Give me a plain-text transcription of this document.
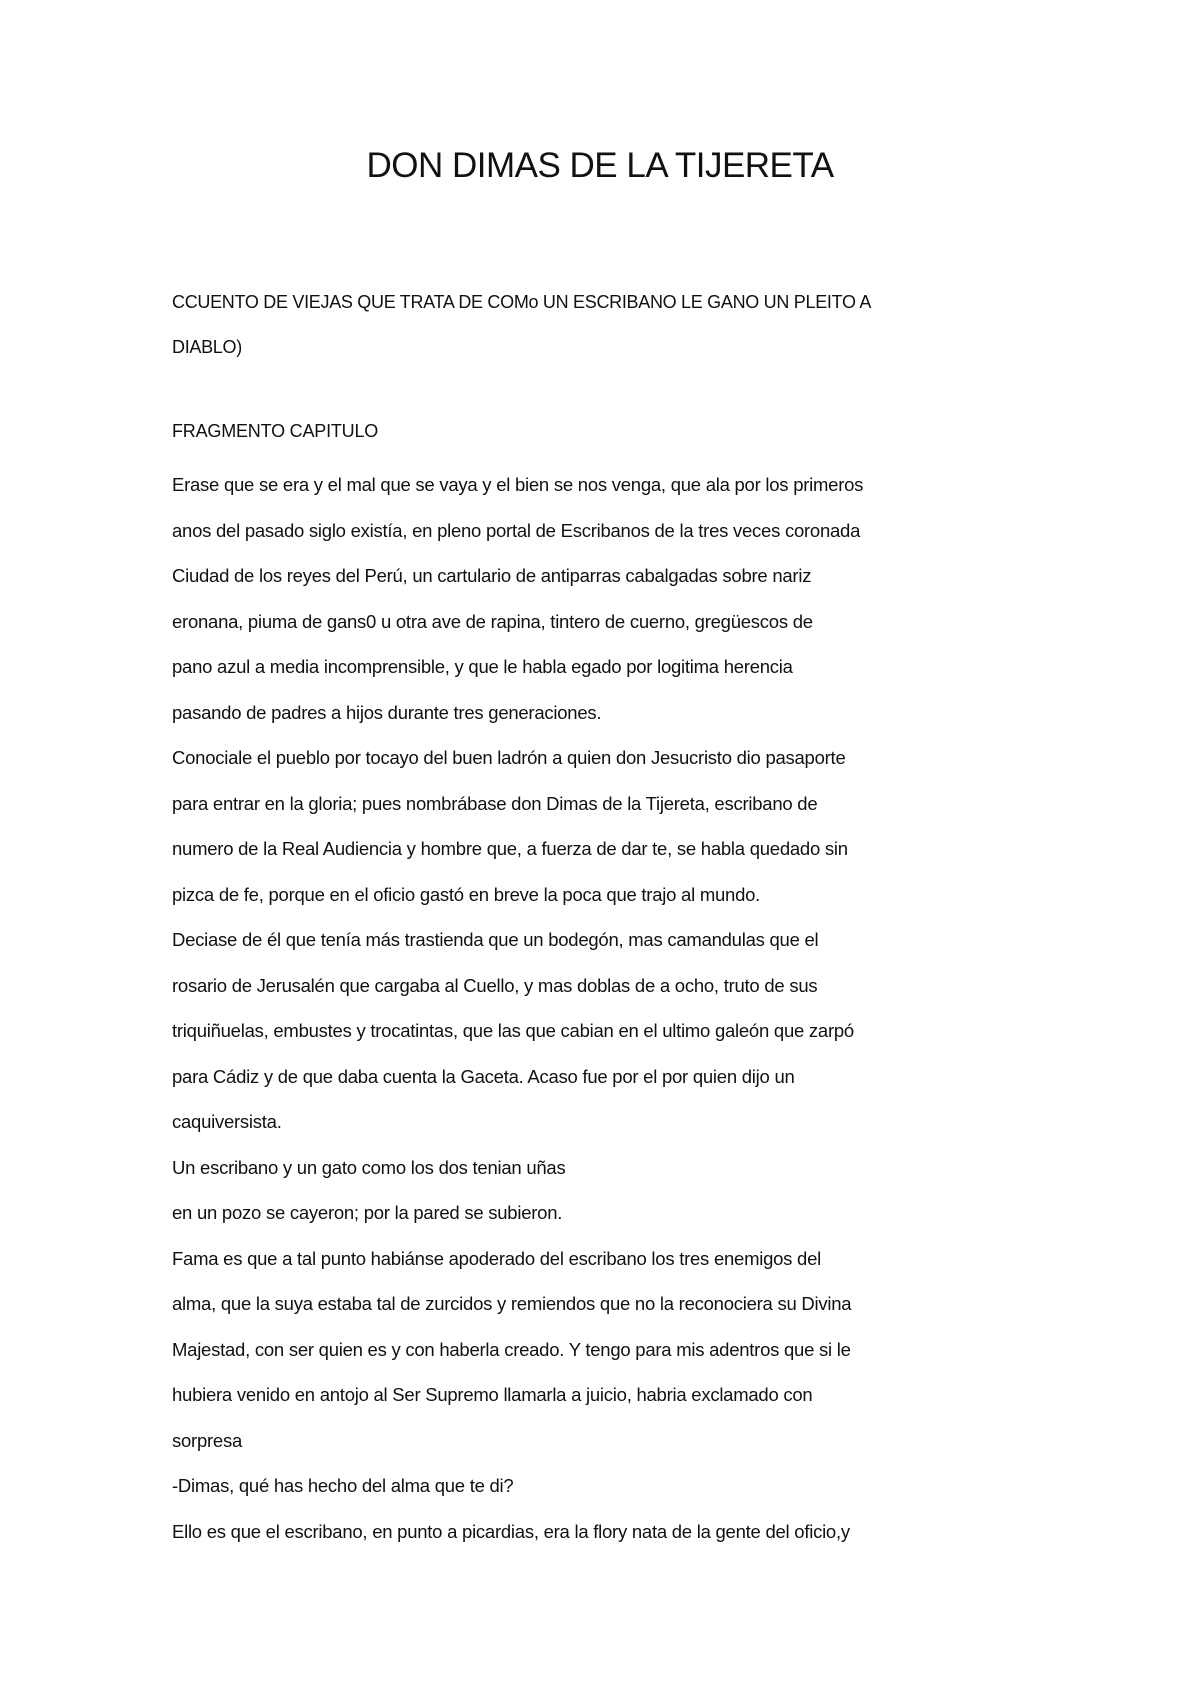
DON DIMAS DE LA TIJERETA

CCUENTO DE VIEJAS QUE TRATA DE COMo UN ESCRIBANO LE GANO UN PLEITO A

DIABLO)

FRAGMENTO CAPITULO

Erase que se era y el mal que se vaya y el bien se nos venga, que ala por los primeros

anos del pasado siglo existía, en pleno portal de Escribanos de la tres veces coronada

Ciudad de los reyes del Perú, un cartulario de antiparras cabalgadas sobre nariz

eronana, piuma de gans0 u otra ave de rapina, tintero de cuerno, gregüescos de

pano azul a media incomprensible, y que le habla egado por logitima herencia

pasando de padres a hijos durante tres generaciones.

Conociale el pueblo por tocayo del buen ladrón a quien don Jesucristo dio pasaporte

para entrar en la gloria; pues nombrábase don Dimas de la Tijereta, escribano de

numero de la Real Audiencia y hombre que, a fuerza de dar te, se habla quedado sin

pizca de fe, porque en el oficio gastó en breve la poca que trajo al mundo.

Deciase de él que tenía más trastienda que un bodegón, mas camandulas que el

rosario de Jerusalén que cargaba al Cuello, y mas doblas de a ocho, truto de sus

triquiñuelas, embustes y trocatintas, que las que cabian en el ultimo galeón que zarpó

para Cádiz y de que daba cuenta la Gaceta. Acaso fue por el por quien dijo un

caquiversista.

Un escribano y un gato como los dos tenian uñas

en un pozo se cayeron; por la pared se subieron.

Fama es que a tal punto habiánse apoderado del escribano los tres enemigos del

alma, que la suya estaba tal de zurcidos y remiendos que no la reconociera su Divina

Majestad, con ser quien es y con haberla creado. Y tengo para mis adentros que si le

hubiera venido en antojo al Ser Supremo llamarla a juicio, habria exclamado con

sorpresa

-Dimas, qué has hecho del alma que te di?

Ello es que el escribano, en punto a picardias, era la flory nata de la gente del oficio,y
